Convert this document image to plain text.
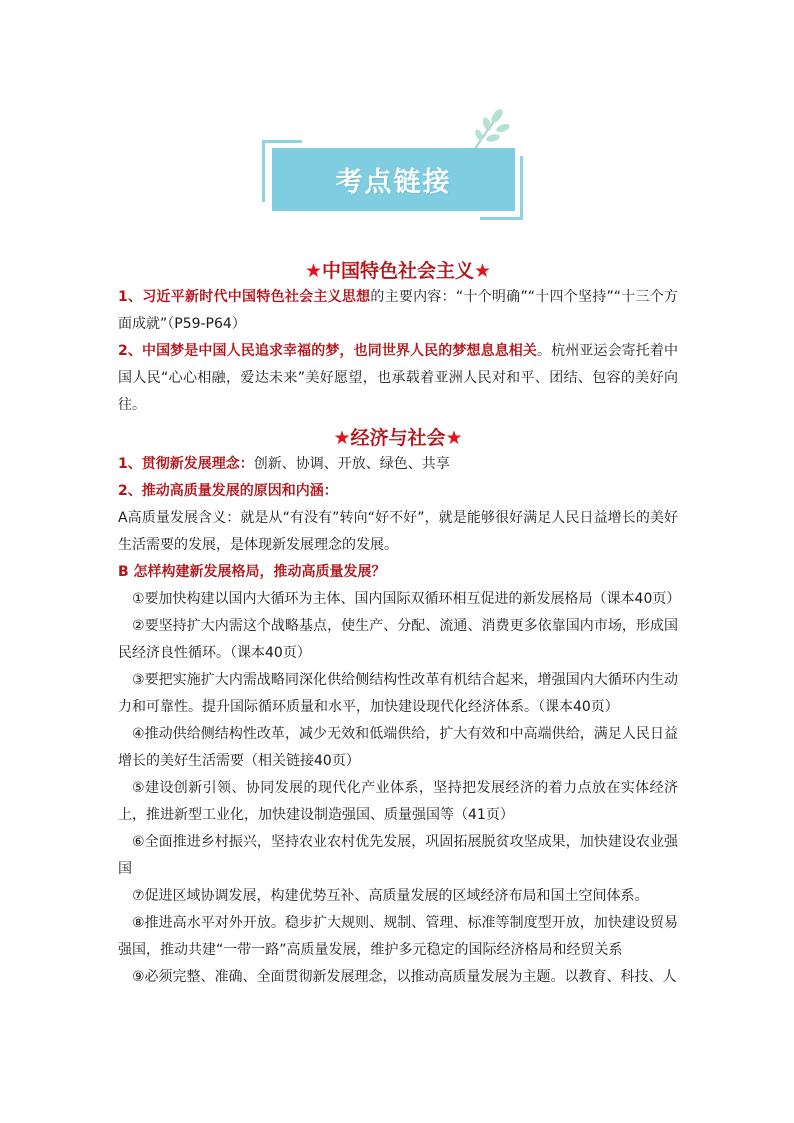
考点链接
★中国特色社会主义★

1、习近平新时代中国特色社会主义思想的主要内容：“十个明确”“十四个坚持”“十三个方面成就”（P59-P64）

2、中国梦是中国人民追求幸福的梦，也同世界人民的梦想息息相关。杭州亚运会寄托着中国人民“心心相融，爱达未来”美好愿望，也承载着亚洲人民对和平、团结、包容的美好向往。

★经济与社会★

1、贯彻新发展理念：创新、协调、开放、绿色、共享

2、推动高质量发展的原因和内涵：

A高质量发展含义：就是从“有没有”转向“好不好”，就是能够很好满足人民日益增长的美好生活需要的发展，是体现新发展理念的发展。

B 怎样构建新发展格局，推动高质量发展？

①要加快构建以国内大循环为主体、国内国际双循环相互促进的新发展格局（课本40页）

②要坚持扩大内需这个战略基点，使生产、分配、流通、消费更多依靠国内市场，形成国民经济良性循环。（课本40页）

③要把实施扩大内需战略同深化供给侧结构性改革有机结合起来，增强国内大循环内生动力和可靠性。提升国际循环质量和水平，加快建设现代化经济体系。（课本40页）

④推动供给侧结构性改革，减少无效和低端供给，扩大有效和中高端供给，满足人民日益增长的美好生活需要（相关链接40页）

⑤建设创新引领、协同发展的现代化产业体系，坚持把发展经济的着力点放在实体经济上，推进新型工业化，加快建设制造强国、质量强国等（41页）

⑥全面推进乡村振兴，坚持农业农村优先发展，巩固拓展脱贫攻坚成果，加快建设农业强国

⑦促进区域协调发展，构建优势互补、高质量发展的区域经济布局和国土空间体系。

⑧推进高水平对外开放。稳步扩大规则、规制、管理、标准等制度型开放，加快建设贸易强国，推动共建“一带一路”高质量发展，维护多元稳定的国际经济格局和经贸关系

⑨必须完整、准确、全面贯彻新发展理念，以推动高质量发展为主题。以教育、科技、人
